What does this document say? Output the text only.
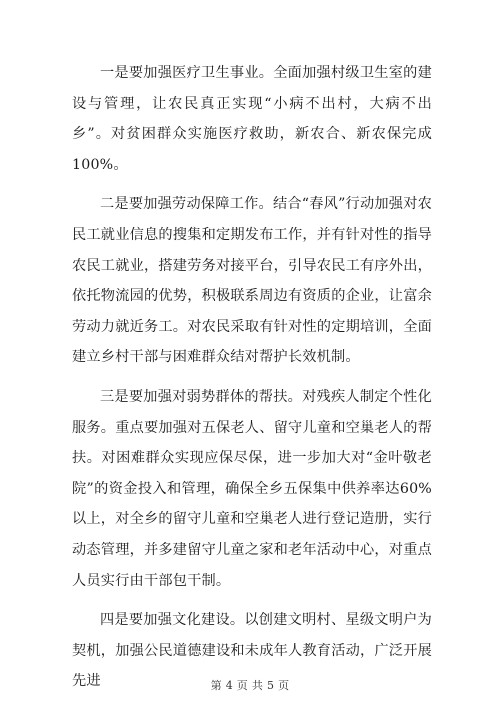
一是要加强医疗卫生事业。全面加强村级卫生室的建设与管理，让农民真正实现“小病不出村，大病不出乡”。对贫困群众实施医疗救助，新农合、新农保完成100%。

二是要加强劳动保障工作。结合“春风”行动加强对农民工就业信息的搜集和定期发布工作，并有针对性的指导农民工就业，搭建劳务对接平台，引导农民工有序外出，依托物流园的优势，积极联系周边有资质的企业，让富余劳动力就近务工。对农民采取有针对性的定期培训，全面建立乡村干部与困难群众结对帮护长效机制。

三是要加强对弱势群体的帮扶。对残疾人制定个性化服务。重点要加强对五保老人、留守儿童和空巢老人的帮扶。对困难群众实现应保尽保，进一步加大对“金叶敬老院”的资金投入和管理，确保全乡五保集中供养率达60%以上，对全乡的留守儿童和空巢老人进行登记造册，实行动态管理，并多建留守儿童之家和老年活动中心，对重点人员实行由干部包干制。

四是要加强文化建设。以创建文明村、星级文明户为契机，加强公民道德建设和未成年人教育活动，广泛开展先进	第 4 页 共 5 页
